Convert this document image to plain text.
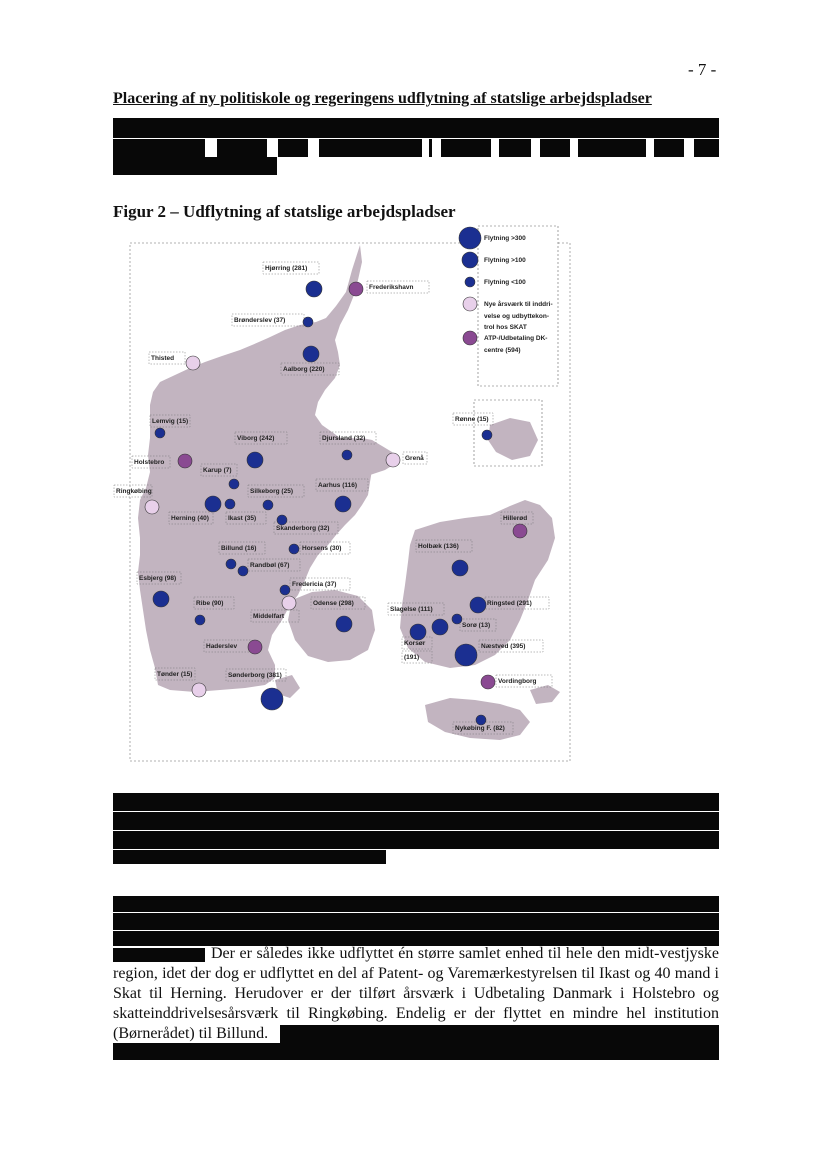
- 7 -
Placering af ny politiskole og regeringens udflytning af statslige arbejdspladser
Figur 2 – Udflytning af statslige arbejdspladser
Flytning >300
Flytning >100
Flytning <100
Nye årsværk til inddri-
velse og udbyttekon-
trol hos SKAT
ATP-/Udbetaling DK-
centre (594)
Hjørring (281)
Frederikshavn
Brønderslev (37)
Thisted
Aalborg (220)
Rønne (15)
Lemvig (15)
Viborg (242)	Djursland (32)
Grenå
Holstebro
Karup (7)
Ringkøbing	Silkeborg (25)
Aarhus (116)
Herning (40)	Ikast (35)
Skanderborg (32)
Hillerød
Billund (16)	Horsens (30)	Holbæk (136)
Randbøl (67)
Esbjerg (98)
Fredericia (37)
Ribe (90)	Odense (298)
Middelfart
Slagelse (111)
Ringsted (291)
Sorø (13)
Haderslev	Korsør
(191)
Næstved (395)
Tønder (15)	Sønderborg (381)
Vordingborg
Nykøbing F. (82)
Der er således ikke udflyttet én større samlet enhed til hele den midt-vestjyske
region, idet der dog er udflyttet en del af Patent- og Varemærkestyrelsen til Ikast og 40 mand i
Skat til Herning. Herudover er der tilført årsværk i Udbetaling Danmark i Holstebro og
skatteinddrivelsesårsværk til Ringkøbing. Endelig er der flyttet en mindre hel institution
(Børnerådet) til Billund.
